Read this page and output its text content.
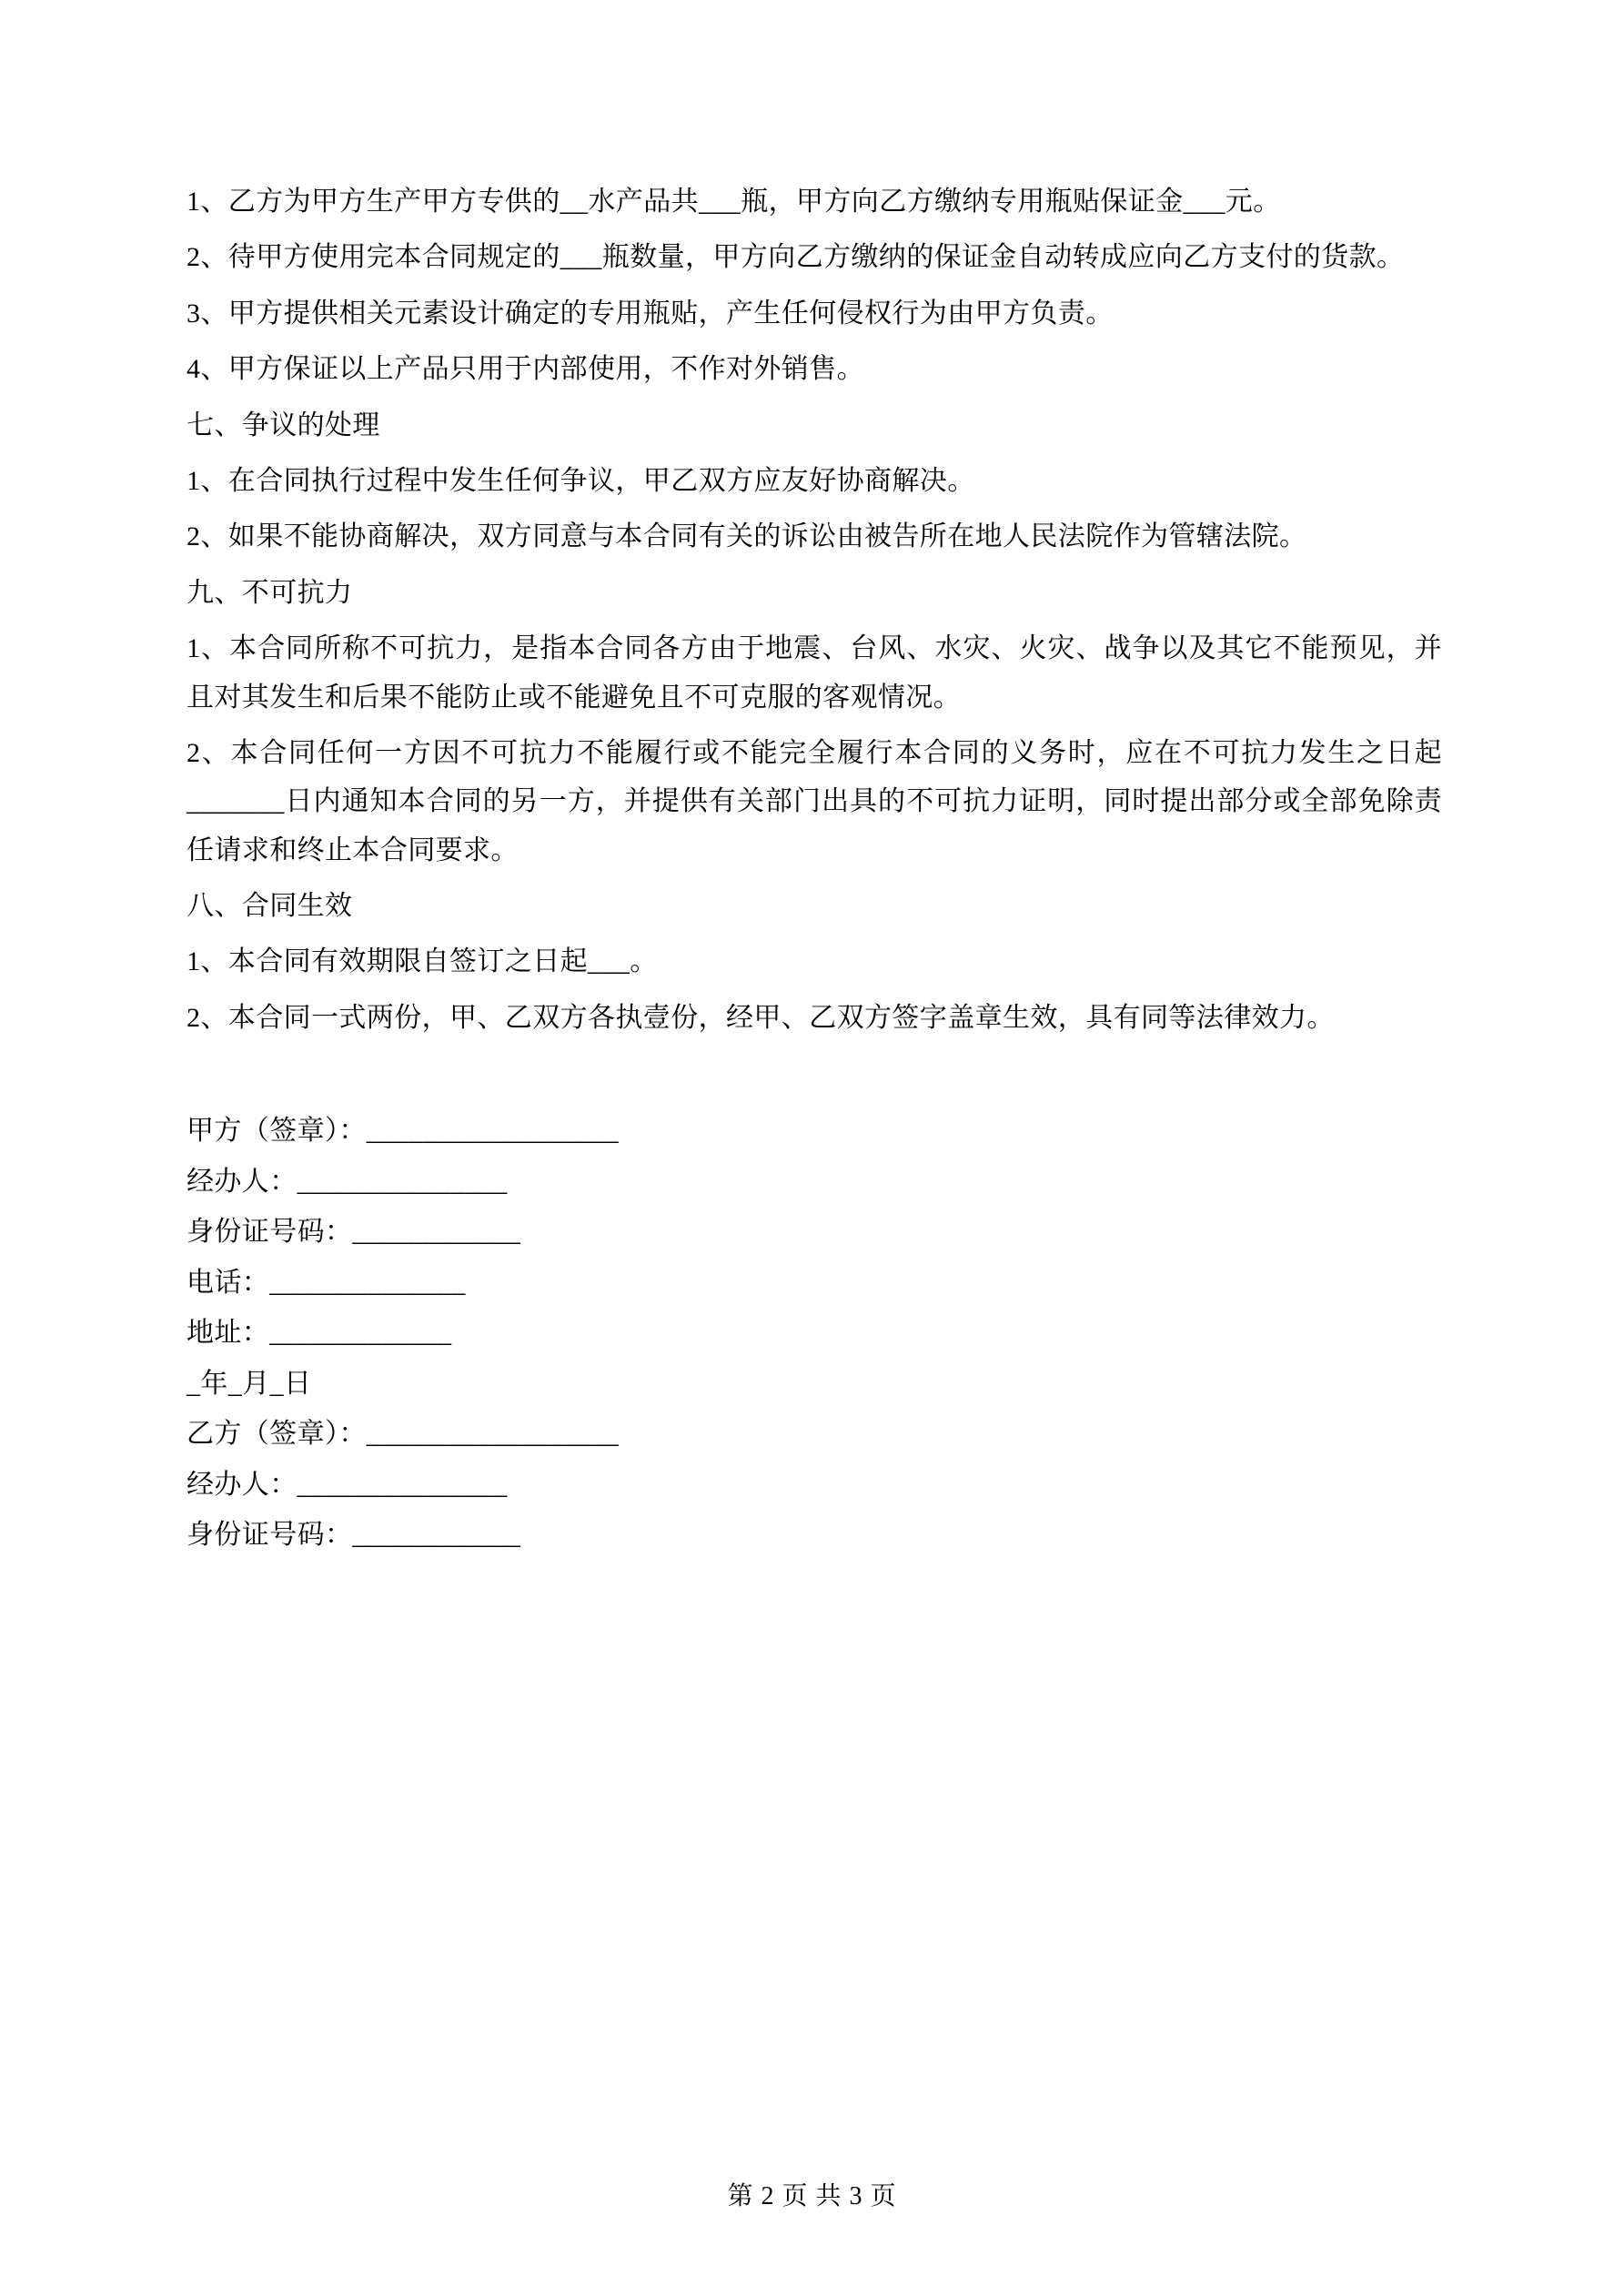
1、乙方为甲方生产甲方专供的__水产品共___瓶，甲方向乙方缴纳专用瓶贴保证金___元。

2、待甲方使用完本合同规定的___瓶数量，甲方向乙方缴纳的保证金自动转成应向乙方支付的货款。

3、甲方提供相关元素设计确定的专用瓶贴，产生任何侵权行为由甲方负责。

4、甲方保证以上产品只用于内部使用，不作对外销售。

七、争议的处理

1、在合同执行过程中发生任何争议，甲乙双方应友好协商解决。

2、如果不能协商解决，双方同意与本合同有关的诉讼由被告所在地人民法院作为管辖法院。

九、不可抗力

1、本合同所称不可抗力，是指本合同各方由于地震、台风、水灾、火灾、战争以及其它不能预见，并且对其发生和后果不能防止或不能避免且不可克服的客观情况。

2、本合同任何一方因不可抗力不能履行或不能完全履行本合同的义务时，应在不可抗力发生之日起_______日内通知本合同的另一方，并提供有关部门出具的不可抗力证明，同时提出部分或全部免除责任请求和终止本合同要求。

八、合同生效

1、本合同有效期限自签订之日起___。

2、本合同一式两份，甲、乙双方各执壹份，经甲、乙双方签字盖章生效，具有同等法律效力。

甲方（签章）：__________________

经办人：_______________

身份证号码：____________

电话：______________

地址：_____________

_年_月_日

乙方（签章）：__________________

经办人：_______________

身份证号码：____________

第 2 页 共 3 页
